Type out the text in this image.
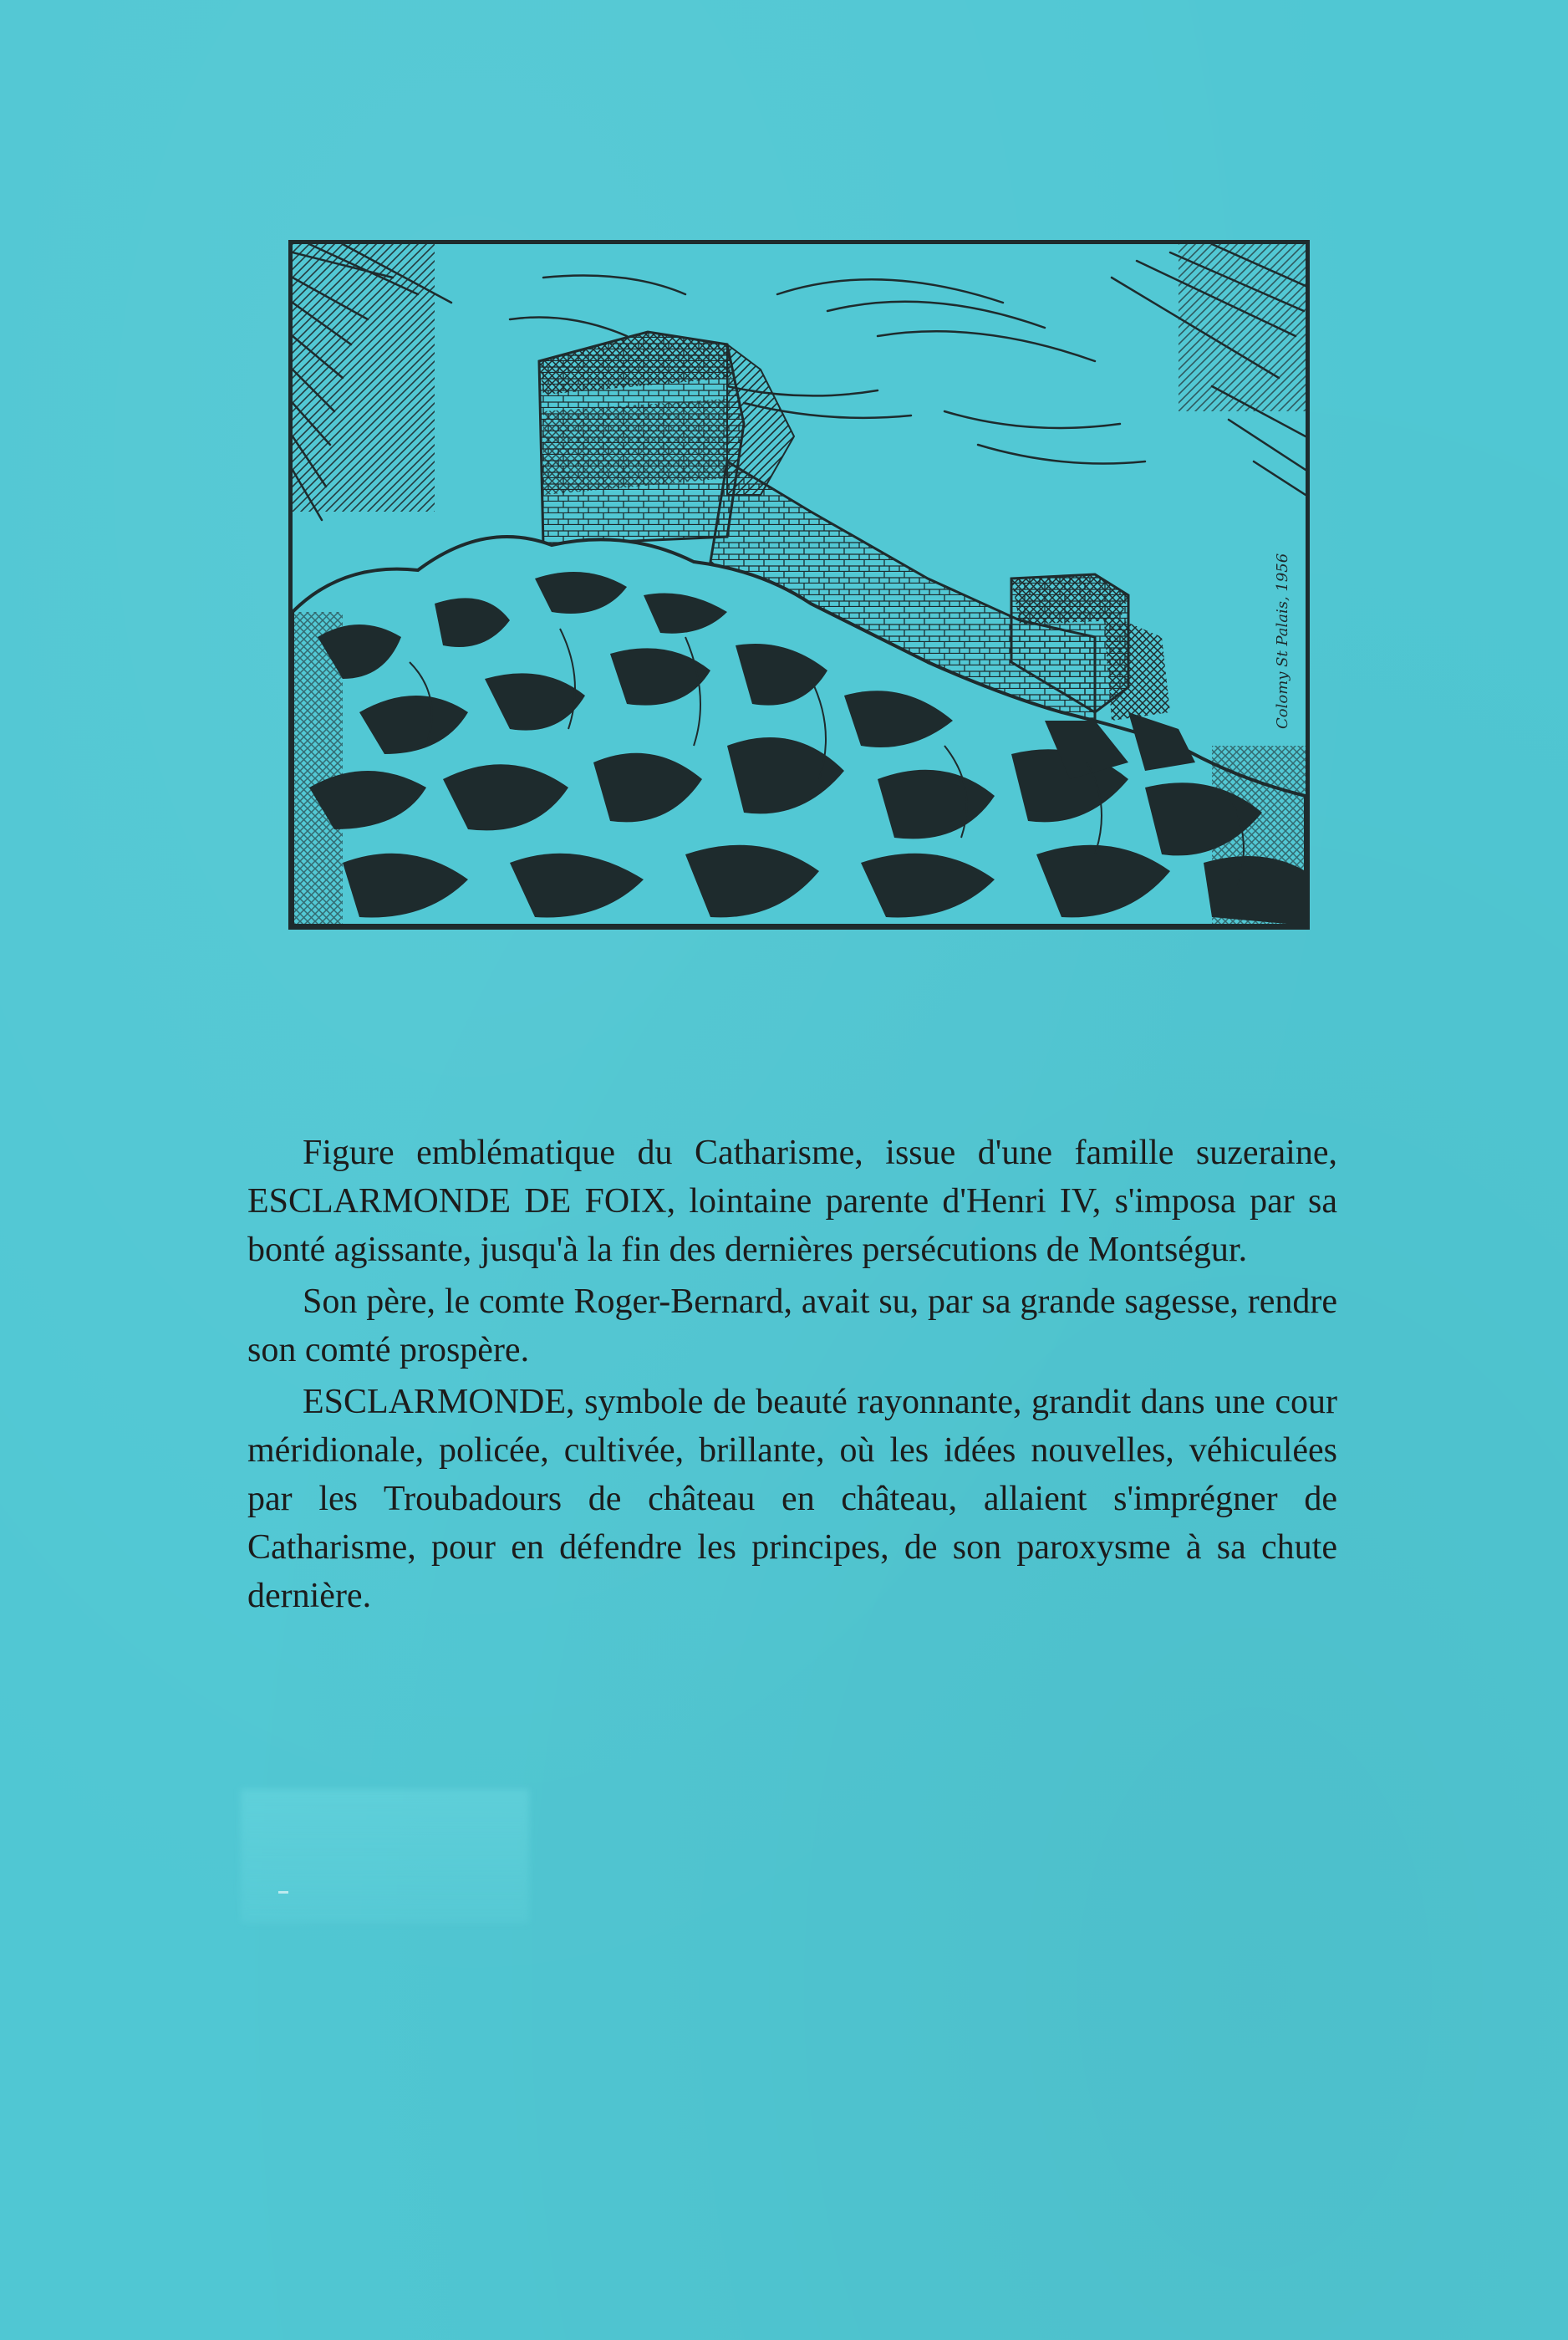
Colomy St Palais, 1956

Figure emblématique du Catharisme, issue d'une famille suzeraine, ESCLARMONDE DE FOIX, lointaine parente d'Henri IV, s'imposa par sa bonté agissante, jusqu'à la fin des dernières persécutions de Montségur.

Son père, le comte Roger-Bernard, avait su, par sa grande sagesse, rendre son comté prospère.

ESCLARMONDE, symbole de beauté rayonnante, grandit dans une cour méridionale, policée, cultivée, brillante, où les idées nouvelles, véhiculées par les Troubadours de château en château, allaient s'imprégner de Catharisme, pour en défendre les principes, de son paroxysme à sa chute dernière.
